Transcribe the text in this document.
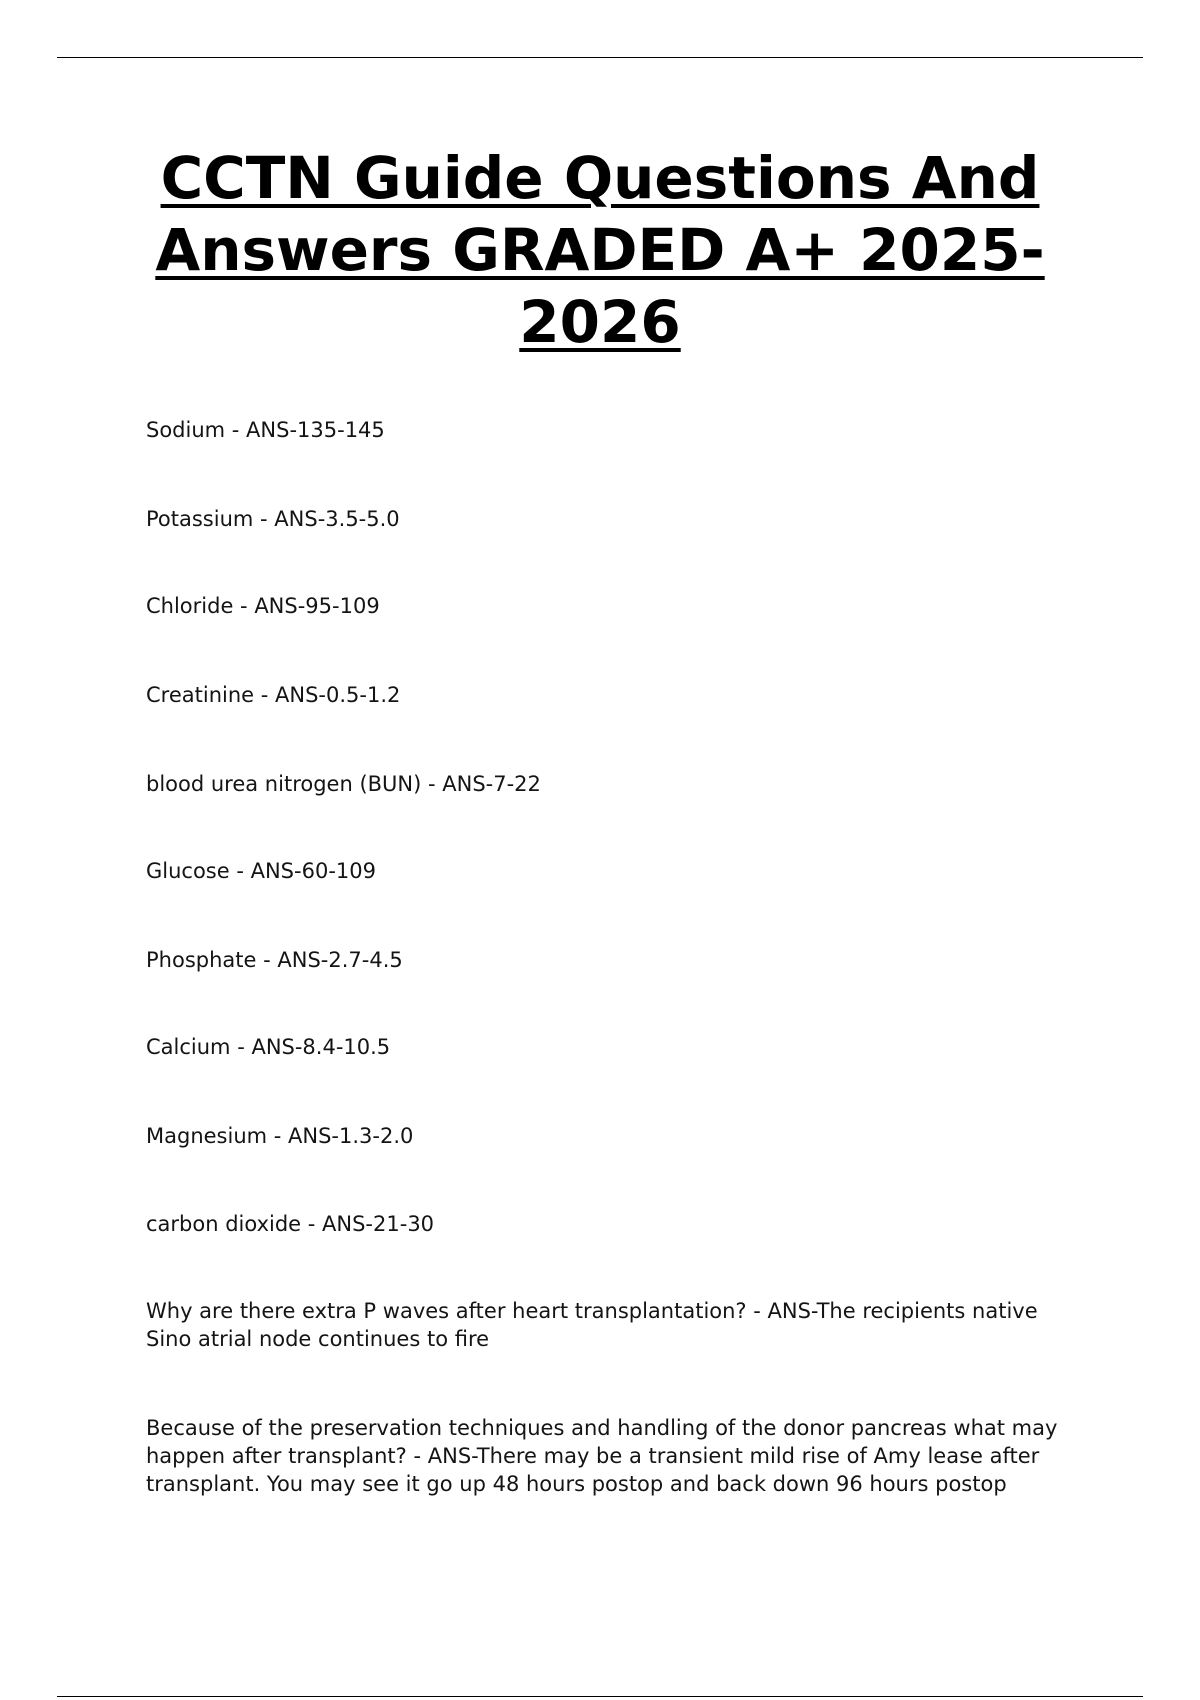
CCTN Guide Questions And Answers GRADED A+ 2025-2026

Sodium - ANS-135-145

Potassium - ANS-3.5-5.0

Chloride - ANS-95-109

Creatinine - ANS-0.5-1.2

blood urea nitrogen (BUN) - ANS-7-22

Glucose - ANS-60-109

Phosphate - ANS-2.7-4.5

Calcium - ANS-8.4-10.5

Magnesium - ANS-1.3-2.0

carbon dioxide - ANS-21-30

Why are there extra P waves after heart transplantation? - ANS-The recipients native Sino atrial node continues to fire

Because of the preservation techniques and handling of the donor pancreas what may happen after transplant? - ANS-There may be a transient mild rise of Amy lease after transplant. You may see it go up 48 hours postop and back down 96 hours postop
